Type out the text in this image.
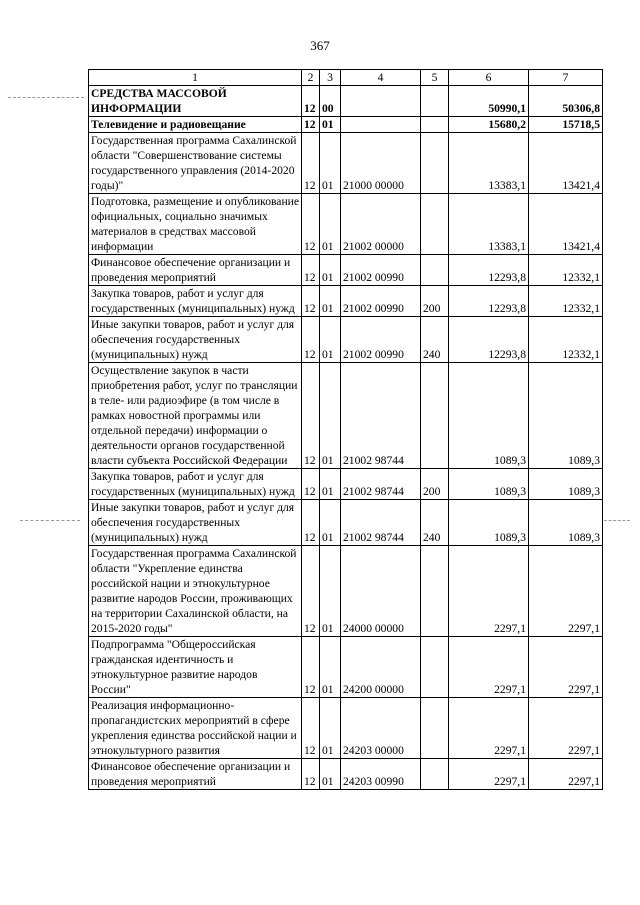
367
1	2	3	4	5	6	7
СРЕДСТВА МАССОВОЙ ИНФОРМАЦИИ	12	00			50990,1	50306,8
Телевидение и радиовещание	12	01			15680,2	15718,5
Государственная программа Сахалинской области "Совершенствование системы государственного управления (2014-2020 годы)"	12	01	21000 00000		13383,1	13421,4
Подготовка, размещение и опубликование официальных, социально значимых материалов в средствах массовой информации	12	01	21002 00000		13383,1	13421,4
Финансовое обеспечение организации и проведения мероприятий	12	01	21002 00990		12293,8	12332,1
Закупка товаров, работ и услуг для государственных (муниципальных) нужд	12	01	21002 00990	200	12293,8	12332,1
Иные закупки товаров, работ и услуг для обеспечения государственных (муниципальных) нужд	12	01	21002 00990	240	12293,8	12332,1
Осуществление закупок в части приобретения работ, услуг по трансляции в теле- или радиоэфире (в том числе в рамках новостной программы или отдельной передачи) информации о деятельности органов государственной власти субъекта Российской Федерации	12	01	21002 98744		1089,3	1089,3
Закупка товаров, работ и услуг для государственных (муниципальных) нужд	12	01	21002 98744	200	1089,3	1089,3
Иные закупки товаров, работ и услуг для обеспечения государственных (муниципальных) нужд	12	01	21002 98744	240	1089,3	1089,3
Государственная программа Сахалинской области "Укрепление единства российской нации и этнокультурное развитие народов России, проживающих на территории Сахалинской области, на 2015-2020 годы"	12	01	24000 00000		2297,1	2297,1
Подпрограмма "Общероссийская гражданская идентичность и этнокультурное развитие народов России"	12	01	24200 00000		2297,1	2297,1
Реализация информационно-пропагандистских мероприятий в сфере укрепления единства российской нации и этнокультурного развития	12	01	24203 00000		2297,1	2297,1
Финансовое обеспечение организации и проведения мероприятий	12	01	24203 00990		2297,1	2297,1
